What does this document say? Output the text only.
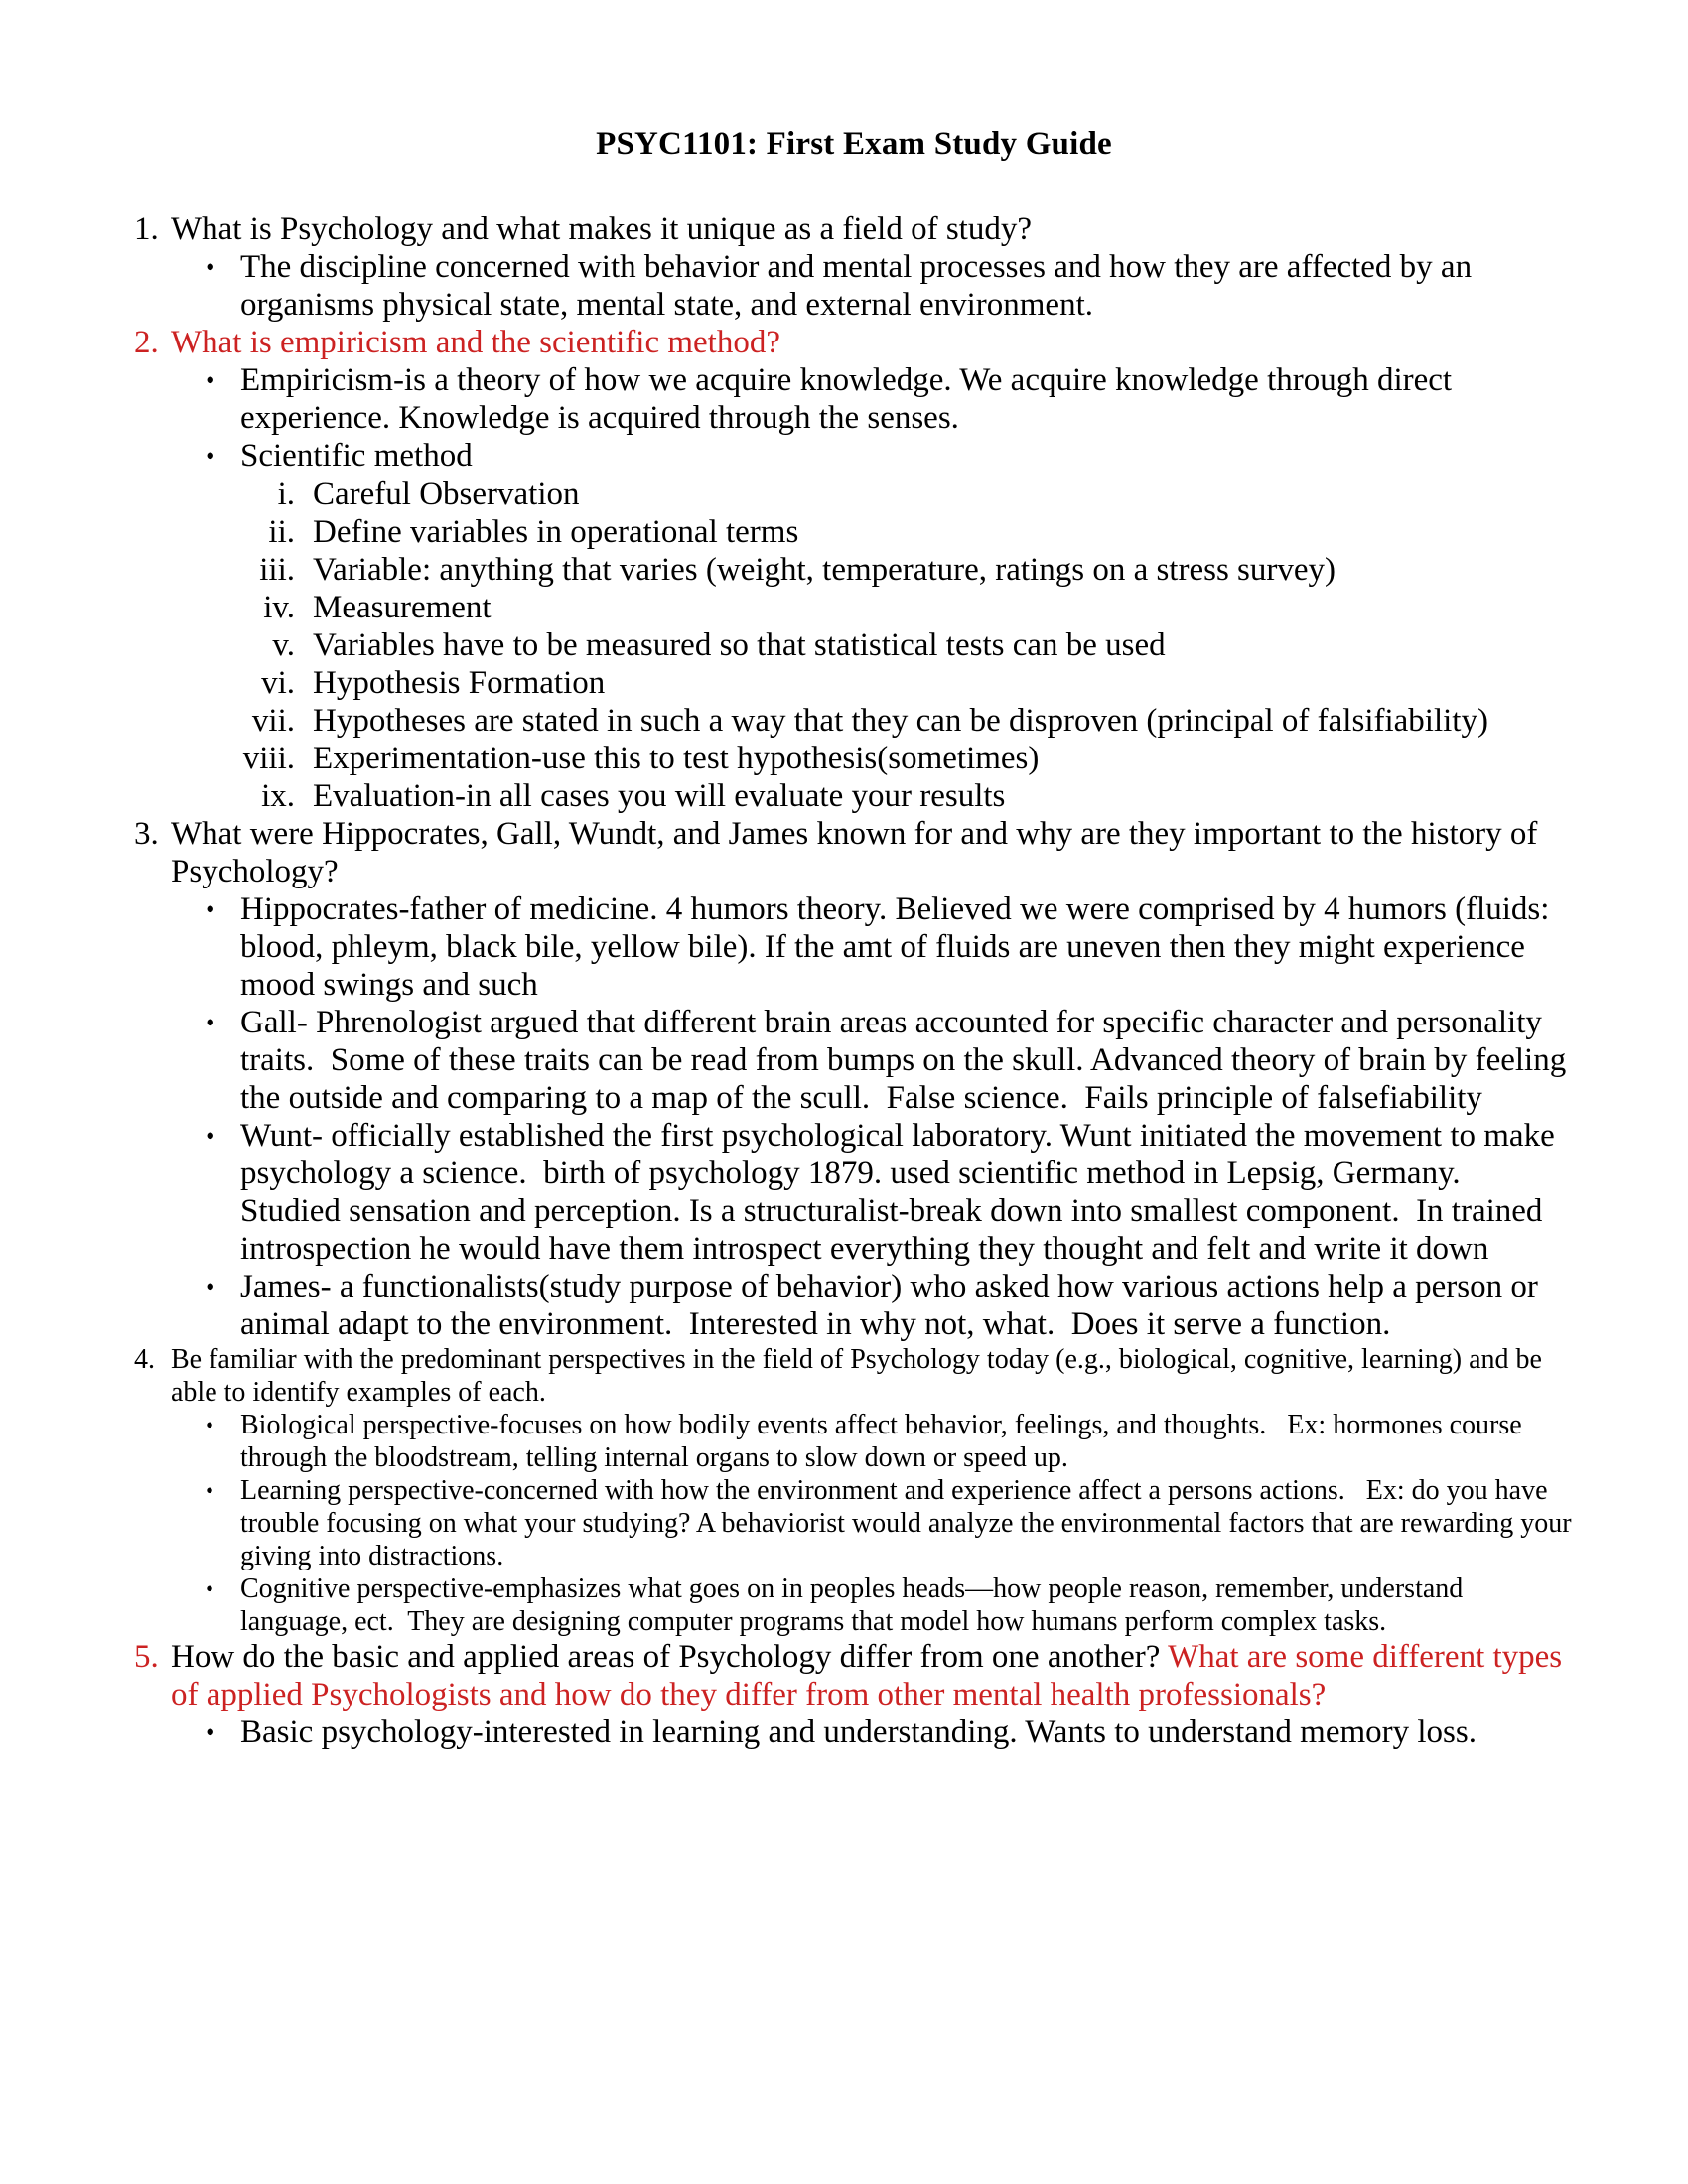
PSYC1101: First Exam Study Guide
1. What is Psychology and what makes it unique as a field of study?
•
The discipline concerned with behavior and mental processes and how they are affected by an organisms physical state, mental state, and external environment.
2. What is empiricism and the scientific method?
•
Empiricism-is a theory of how we acquire knowledge. We acquire knowledge through direct experience. Knowledge is acquired through the senses.
•
Scientific method
i. Careful Observation
ii. Define variables in operational terms
iii. Variable: anything that varies (weight, temperature, ratings on a stress survey)
iv. Measurement
v. Variables have to be measured so that statistical tests can be used
vi. Hypothesis Formation
vii. Hypotheses are stated in such a way that they can be disproven (principal of falsifiability)
viii. Experimentation-use this to test hypothesis(sometimes)
ix. Evaluation-in all cases you will evaluate your results
3. What were Hippocrates, Gall, Wundt, and James known for and why are they important to the history of Psychology?
•
Hippocrates-father of medicine. 4 humors theory. Believed we were comprised by 4 humors (fluids: blood, phleym, black bile, yellow bile). If the amt of fluids are uneven then they might experience mood swings and such
•
Gall- Phrenologist argued that different brain areas accounted for specific character and personality traits.  Some of these traits can be read from bumps on the skull. Advanced theory of brain by feeling the outside and comparing to a map of the scull.  False science.  Fails principle of falsefiability
•
Wunt- officially established the first psychological laboratory. Wunt initiated the movement to make psychology a science.  birth of psychology 1879. used scientific method in Lepsig, Germany.  Studied sensation and perception. Is a structuralist-break down into smallest component.  In trained introspection he would have them introspect everything they thought and felt and write it down
•
James- a functionalists(study purpose of behavior) who asked how various actions help a person or animal adapt to the environment.  Interested in why not, what.  Does it serve a function.
4. Be familiar with the predominant perspectives in the field of Psychology today (e.g., biological, cognitive, learning) and be able to identify examples of each.
•
Biological perspective-focuses on how bodily events affect behavior, feelings, and thoughts.   Ex: hormones course through the bloodstream, telling internal organs to slow down or speed up.
•
Learning perspective-concerned with how the environment and experience affect a persons actions.   Ex: do you have trouble focusing on what your studying? A behaviorist would analyze the environmental factors that are rewarding your giving into distractions.
•
Cognitive perspective-emphasizes what goes on in peoples heads—how people reason, remember, understand language, ect.  They are designing computer programs that model how humans perform complex tasks.
5. How do the basic and applied areas of Psychology differ from one another? What are some different types of applied Psychologists and how do they differ from other mental health professionals?
•
Basic psychology-interested in learning and understanding. Wants to understand memory loss.
